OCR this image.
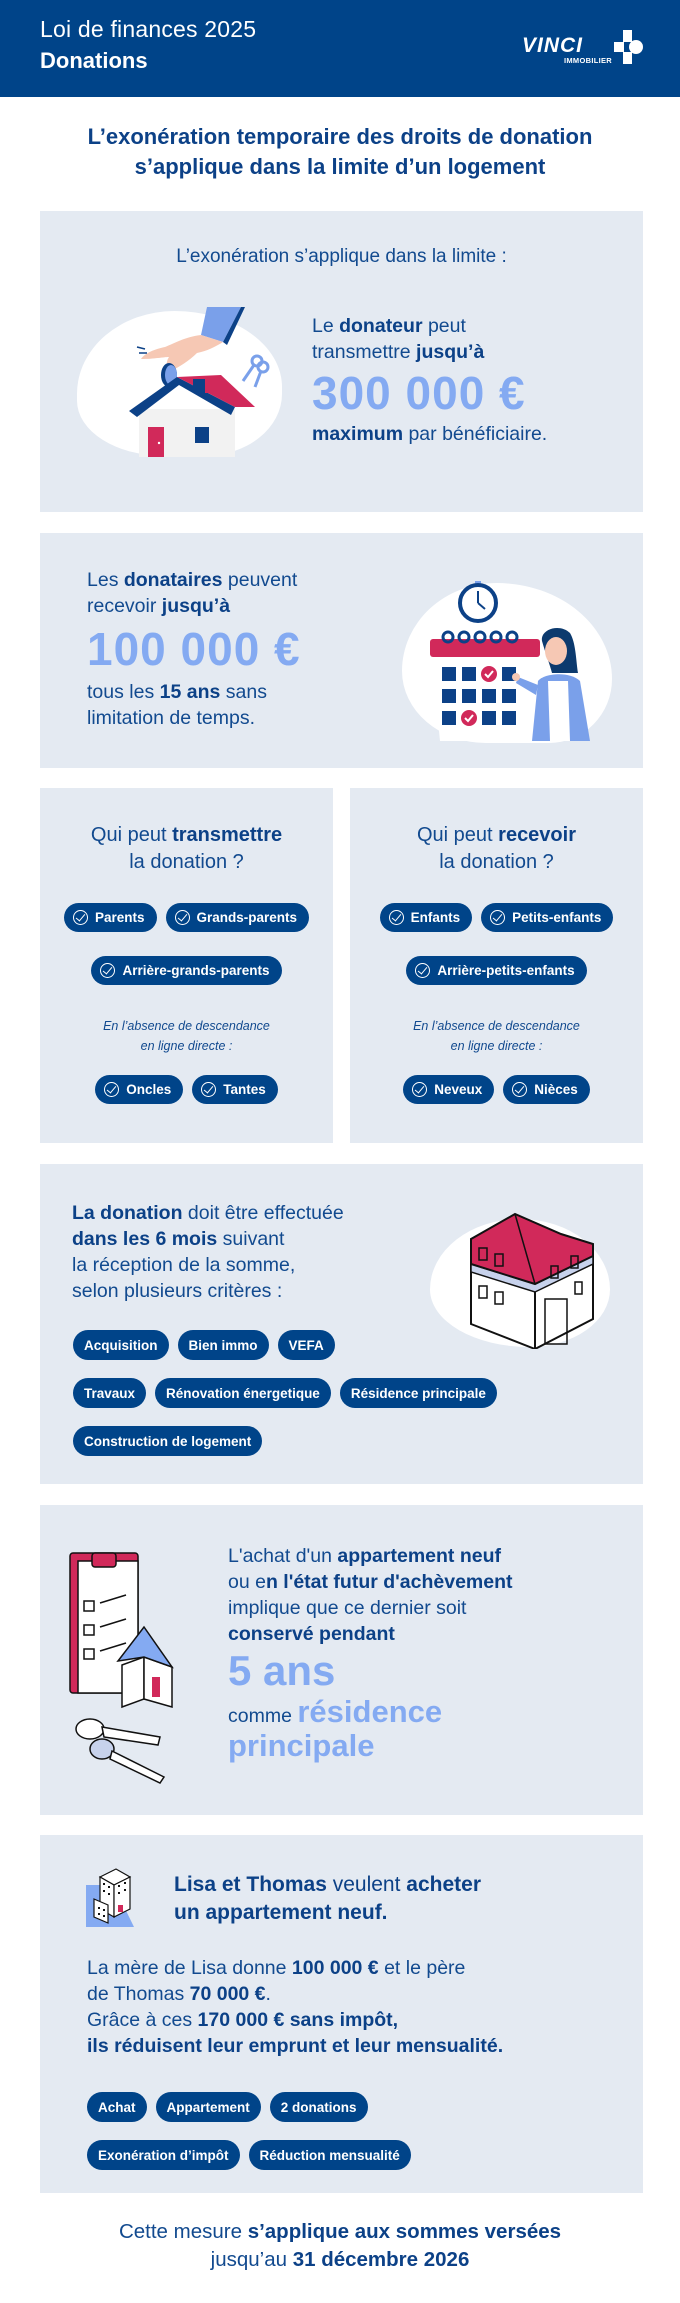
Loi de finances 2025
Donations
VINCI
IMMOBILIER
L’exonération temporaire des droits de donation
s’applique dans la limite d’un logement
L’exonération s’applique dans la limite :
Le donateur peut
transmettre jusqu’à
300 000 €
maximum par bénéficiaire.
Les donataires peuvent
recevoir jusqu’à
100 000 €
tous les 15 ans sans
limitation de temps.
Qui peut transmettre
la donation ?
Parents	Grands-parents
Arrière-grands-parents
En l’absence de descendance
en ligne directe :
Oncles	Tantes
Qui peut recevoir
la donation ?
Enfants	Petits-enfants
Arrière-petits-enfants
En l’absence de descendance
en ligne directe :
Neveux	Nièces
La donation doit être effectuée
dans les 6 mois suivant
la réception de la somme,
selon plusieurs critères :
Acquisition	Bien immo	VEFA
Travaux	Rénovation énergetique	Résidence principale
Construction de logement
L'achat d'un appartement neuf
ou en l'état futur d'achèvement
implique que ce dernier soit
conservé pendant
5 ans
comme résidence
principale
Lisa et Thomas veulent acheter
un appartement neuf.
La mère de Lisa donne 100 000 € et le père
de Thomas 70 000 €.
Grâce à ces 170 000 € sans impôt,
ils réduisent leur emprunt et leur mensualité.
Achat	Appartement	2 donations
Exonération d’impôt	Réduction mensualité
Cette mesure s’applique aux sommes versées
jusqu’au 31 décembre 2026
